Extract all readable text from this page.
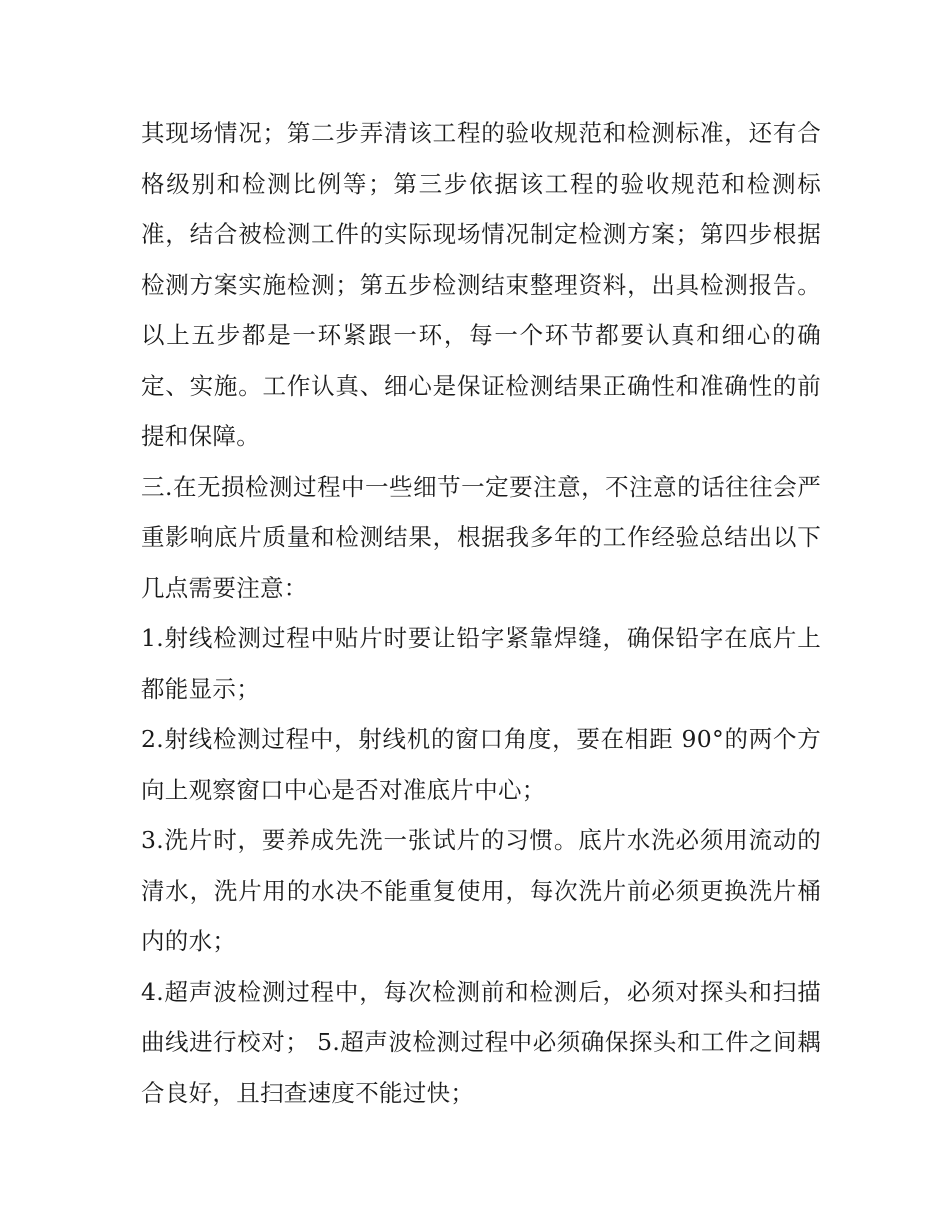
其现场情况；第二步弄清该工程的验收规范和检测标准，还有合格级别和检测比例等；第三步依据该工程的验收规范和检测标准，结合被检测工件的实际现场情况制定检测方案；第四步根据检测方案实施检测；第五步检测结束整理资料，出具检测报告。以上五步都是一环紧跟一环，每一个环节都要认真和细心的确定、实施。工作认真、细心是保证检测结果正确性和准确性的前提和保障。

三.在无损检测过程中一些细节一定要注意，不注意的话往往会严重影响底片质量和检测结果，根据我多年的工作经验总结出以下几点需要注意：

1.射线检测过程中贴片时要让铅字紧靠焊缝，确保铅字在底片上都能显示；

2.射线检测过程中，射线机的窗口角度，要在相距 90°的两个方向上观察窗口中心是否对准底片中心；

3.洗片时，要养成先洗一张试片的习惯。底片水洗必须用流动的清水，洗片用的水决不能重复使用，每次洗片前必须更换洗片桶内的水；

4.超声波检测过程中，每次检测前和检测后，必须对探头和扫描曲线进行校对； 5.超声波检测过程中必须确保探头和工件之间耦合良好，且扫查速度不能过快；
